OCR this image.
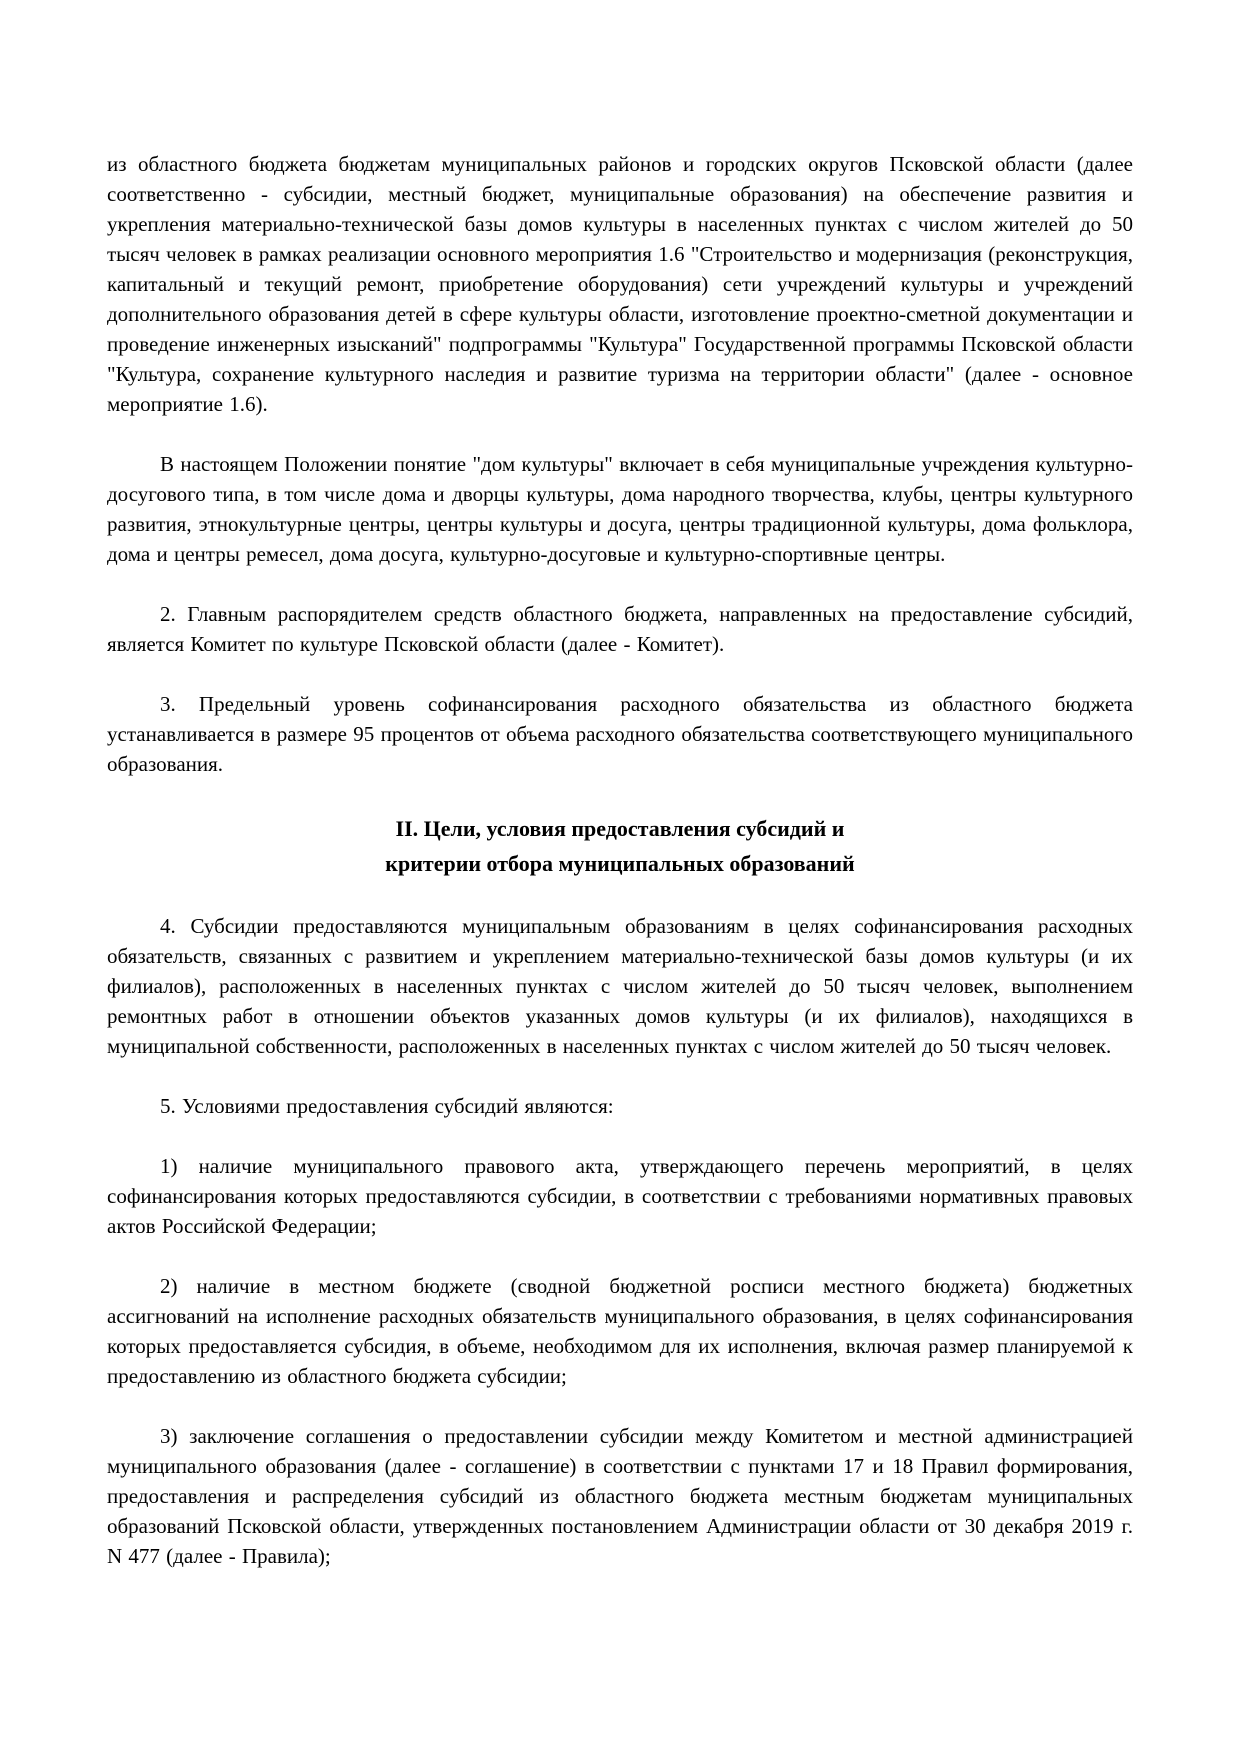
из областного бюджета бюджетам муниципальных районов и городских округов Псковской области (далее соответственно - субсидии, местный бюджет, муниципальные образования) на обеспечение развития и укрепления материально-технической базы домов культуры в населенных пунктах с числом жителей до 50 тысяч человек в рамках реализации основного мероприятия 1.6 "Строительство и модернизация (реконструкция, капитальный и текущий ремонт, приобретение оборудования) сети учреждений культуры и учреждений дополнительного образования детей в сфере культуры области, изготовление проектно-сметной документации и проведение инженерных изысканий" подпрограммы "Культура" Государственной программы Псковской области "Культура, сохранение культурного наследия и развитие туризма на территории области" (далее - основное мероприятие 1.6).

В настоящем Положении понятие "дом культуры" включает в себя муниципальные учреждения культурно-досугового типа, в том числе дома и дворцы культуры, дома народного творчества, клубы, центры культурного развития, этнокультурные центры, центры культуры и досуга, центры традиционной культуры, дома фольклора, дома и центры ремесел, дома досуга, культурно-досуговые и культурно-спортивные центры.

2. Главным распорядителем средств областного бюджета, направленных на предоставление субсидий, является Комитет по культуре Псковской области (далее - Комитет).

3. Предельный уровень софинансирования расходного обязательства из областного бюджета устанавливается в размере 95 процентов от объема расходного обязательства соответствующего муниципального образования.

II. Цели, условия предоставления субсидий и
критерии отбора муниципальных образований

4. Субсидии предоставляются муниципальным образованиям в целях софинансирования расходных обязательств, связанных с развитием и укреплением материально-технической базы домов культуры (и их филиалов), расположенных в населенных пунктах с числом жителей до 50 тысяч человек, выполнением ремонтных работ в отношении объектов указанных домов культуры (и их филиалов), находящихся в муниципальной собственности, расположенных в населенных пунктах с числом жителей до 50 тысяч человек.

5. Условиями предоставления субсидий являются:

1) наличие муниципального правового акта, утверждающего перечень мероприятий, в целях софинансирования которых предоставляются субсидии, в соответствии с требованиями нормативных правовых актов Российской Федерации;

2) наличие в местном бюджете (сводной бюджетной росписи местного бюджета) бюджетных ассигнований на исполнение расходных обязательств муниципального образования, в целях софинансирования которых предоставляется субсидия, в объеме, необходимом для их исполнения, включая размер планируемой к предоставлению из областного бюджета субсидии;

3) заключение соглашения о предоставлении субсидии между Комитетом и местной администрацией муниципального образования (далее - соглашение) в соответствии с пунктами 17 и 18 Правил формирования, предоставления и распределения субсидий из областного бюджета местным бюджетам муниципальных образований Псковской области, утвержденных постановлением Администрации области от 30 декабря 2019 г. N 477 (далее - Правила);
